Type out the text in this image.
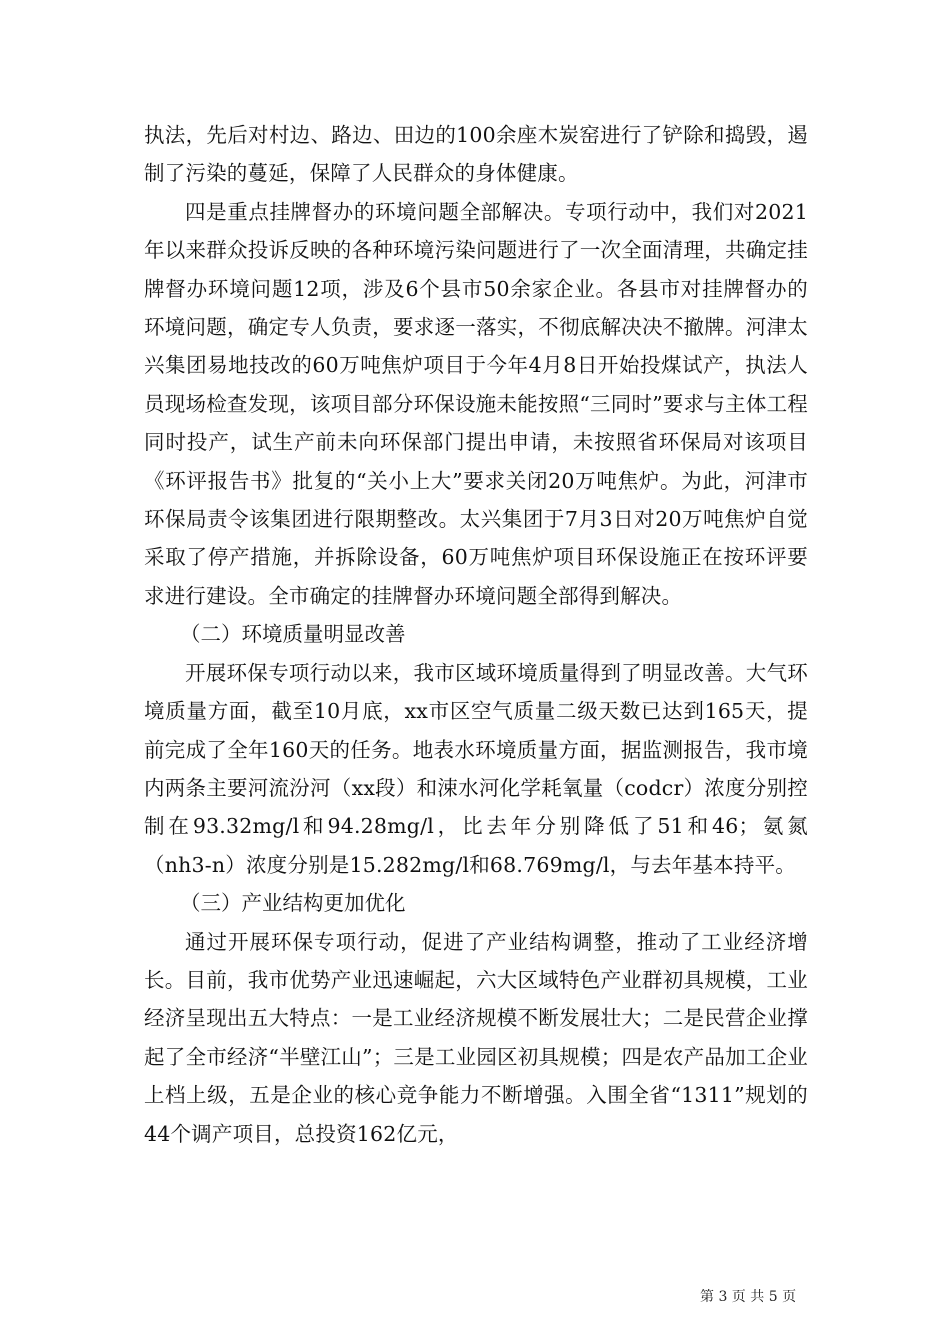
执法，先后对村边、路边、田边的100余座木炭窑进行了铲除和捣毁，遏制了污染的蔓延，保障了人民群众的身体健康。

四是重点挂牌督办的环境问题全部解决。专项行动中，我们对2021年以来群众投诉反映的各种环境污染问题进行了一次全面清理，共确定挂牌督办环境问题12项，涉及6个县市50余家企业。各县市对挂牌督办的环境问题，确定专人负责，要求逐一落实，不彻底解决决不撤牌。河津太兴集团易地技改的60万吨焦炉项目于今年4月8日开始投煤试产，执法人员现场检查发现，该项目部分环保设施未能按照“三同时”要求与主体工程同时投产，试生产前未向环保部门提出申请，未按照省环保局对该项目《环评报告书》批复的“关小上大”要求关闭20万吨焦炉。为此，河津市环保局责令该集团进行限期整改。太兴集团于7月3日对20万吨焦炉自觉采取了停产措施，并拆除设备，60万吨焦炉项目环保设施正在按环评要求进行建设。全市确定的挂牌督办环境问题全部得到解决。

（二）环境质量明显改善

开展环保专项行动以来，我市区域环境质量得到了明显改善。大气环境质量方面，截至10月底，xx市区空气质量二级天数已达到165天，提前完成了全年160天的任务。地表水环境质量方面，据监测报告，我市境内两条主要河流汾河（xx段）和涑水河化学耗氧量（codcr）浓度分别控制在93.32mg/l和94.28mg/l，比去年分别降低了51和46；氨氮（nh3-n）浓度分别是15.282mg/l和68.769mg/l，与去年基本持平。

（三）产业结构更加优化

通过开展环保专项行动，促进了产业结构调整，推动了工业经济增长。目前，我市优势产业迅速崛起，六大区域特色产业群初具规模，工业经济呈现出五大特点：一是工业经济规模不断发展壮大；二是民营企业撑起了全市经济“半壁江山”；三是工业园区初具规模；四是农产品加工企业上档上级，五是企业的核心竞争能力不断增强。入围全省“1311”规划的44个调产项目，总投资162亿元，

第 3 页 共 5 页
